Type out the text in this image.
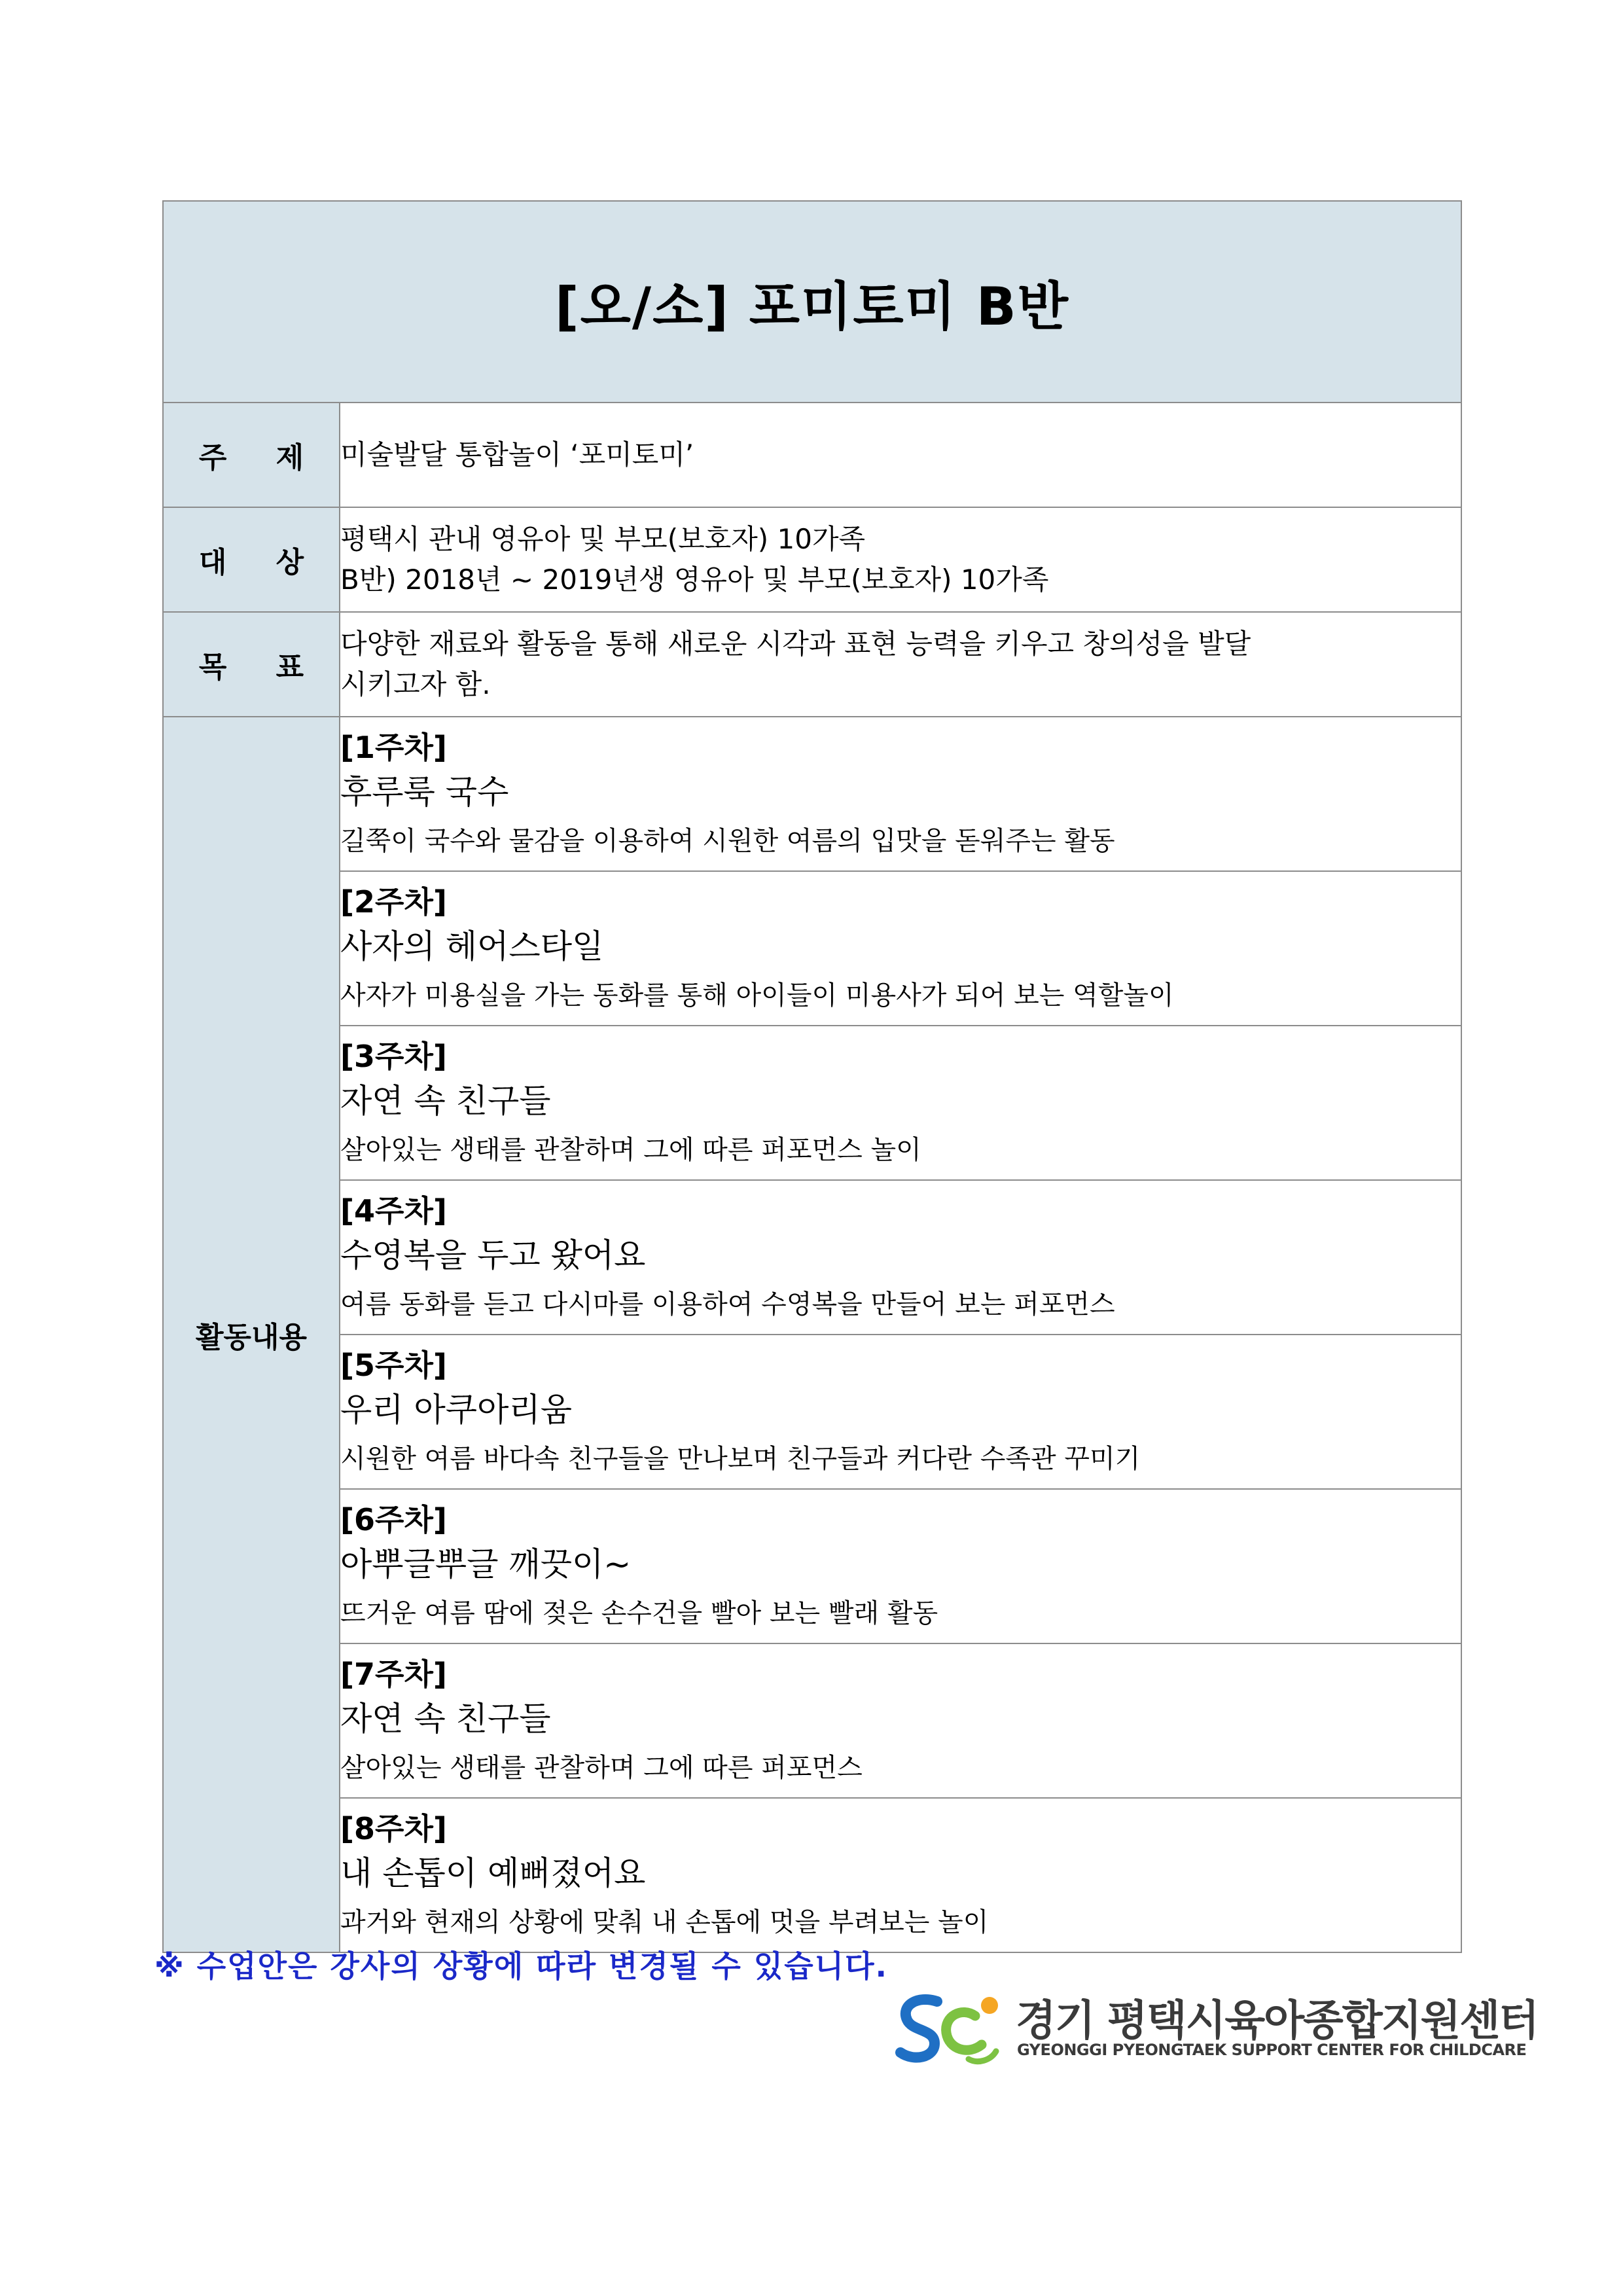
[오/소] 포미토미 B반	
주 제	미술발달 통합놀이 ‘포미토미’
대 상	평택시 관내 영유아 및 부모(보호자) 10가족
B반) 2018년 ~ 2019년생 영유아 및 부모(보호자) 10가족

목 표	다양한 재료와 활동을 통해 새로운 시각과 표현 능력을 키우고 창의성을 발달
시키고자 함.

활동내용	[1주차]
후루룩 국수
길쭉이 국수와 물감을 이용하여 시원한 여름의 입맛을 돋워주는 활동

	[2주차]
사자의 헤어스타일
사자가 미용실을 가는 동화를 통해 아이들이 미용사가 되어 보는 역할놀이

	[3주차]
자연 속 친구들
살아있는 생태를 관찰하며 그에 따른 퍼포먼스 놀이

	[4주차]
수영복을 두고 왔어요
여름 동화를 듣고 다시마를 이용하여 수영복을 만들어 보는 퍼포먼스

	[5주차]
우리 아쿠아리움
시원한 여름 바다속 친구들을 만나보며 친구들과 커다란 수족관 꾸미기

	[6주차]
아뿌글뿌글 깨끗이~
뜨거운 여름 땀에 젖은 손수건을 빨아 보는 빨래 활동

	[7주차]
자연 속 친구들
살아있는 생태를 관찰하며 그에 따른 퍼포먼스

	[8주차]
내 손톱이 예뻐졌어요
과거와 현재의 상황에 맞춰 내 손톱에 멋을 부려보는 놀이
※ 수업안은 강사의 상황에 따라 변경될 수 있습니다.
경기 평택시육아종합지원센터
GYEONGGI PYEONGTAEK SUPPORT CENTER FOR CHILDCARE
